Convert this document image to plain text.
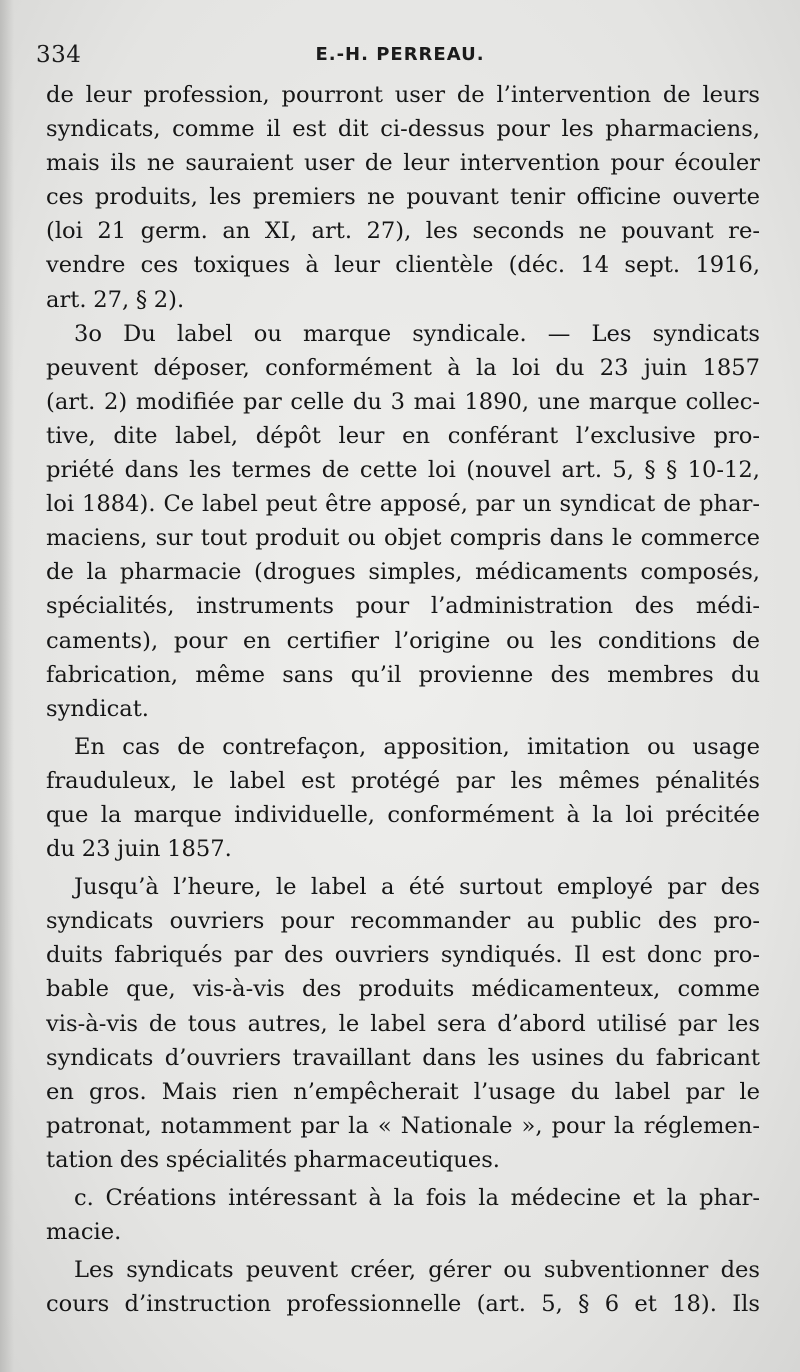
334	E.-H. PERREAU.
de leur profession, pourront user de l’intervention de leurs
syndicats, comme il est dit ci-dessus pour les pharmaciens,
mais ils ne sauraient user de leur intervention pour écouler
ces produits, les premiers ne pouvant tenir officine ouverte
(loi 21 germ. an XI, art. 27), les seconds ne pouvant re-
vendre ces toxiques à leur clientèle (déc. 14 sept. 1916,
art. 27, § 2).
3o Du label ou marque syndicale. — Les syndicats
peuvent déposer, conformément à la loi du 23 juin 1857
(art. 2) modifiée par celle du 3 mai 1890, une marque collec-
tive, dite label, dépôt leur en conférant l’exclusive pro-
priété dans les termes de cette loi (nouvel art. 5, § § 10-12,
loi 1884). Ce label peut être apposé, par un syndicat de phar-
maciens, sur tout produit ou objet compris dans le commerce
de la pharmacie (drogues simples, médicaments composés,
spécialités, instruments pour l’administration des médi-
caments), pour en certifier l’origine ou les conditions de
fabrication, même sans qu’il provienne des membres du
syndicat.
En cas de contrefaçon, apposition, imitation ou usage
frauduleux, le label est protégé par les mêmes pénalités
que la marque individuelle, conformément à la loi précitée
du 23 juin 1857.
Jusqu’à l’heure, le label a été surtout employé par des
syndicats ouvriers pour recommander au public des pro-
duits fabriqués par des ouvriers syndiqués. Il est donc pro-
bable que, vis-à-vis des produits médicamenteux, comme
vis-à-vis de tous autres, le label sera d’abord utilisé par les
syndicats d’ouvriers travaillant dans les usines du fabricant
en gros. Mais rien n’empêcherait l’usage du label par le
patronat, notamment par la « Nationale », pour la réglemen-
tation des spécialités pharmaceutiques.
c. Créations intéressant à la fois la médecine et la phar-
macie.
Les syndicats peuvent créer, gérer ou subventionner des
cours d’instruction professionnelle (art. 5, § 6 et 18). Ils
